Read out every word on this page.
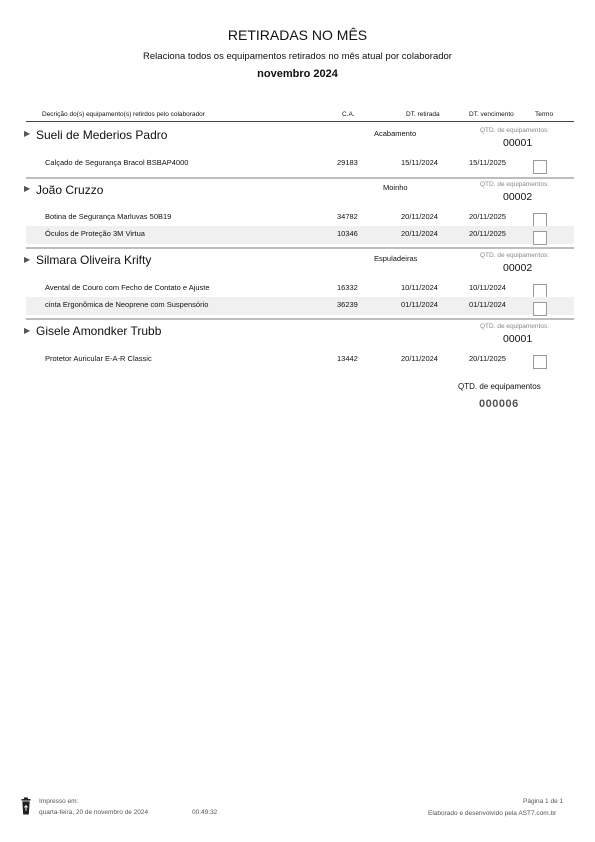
RETIRADAS NO MÊS
Relaciona todos os equipamentos retirados no mês atual por colaborador
novembro 2024
Decrição do(s) equipamento(s) retirdos pelo colaborador	C.A.	DT. retirada	DT. vencimento	Termo
▶ Sueli de Mederios Padro	Acabamento	QTD. de equipamentos:
00001
Calçado de Segurança Bracol BSBAP4000	29183	15/11/2024	15/11/2025
▶ João Cruzzo	Moinho	QTD. de equipamentos:
00002
Botina de Segurança Marluvas 50B19	34782	20/11/2024	20/11/2025
Óculos de Proteção 3M Virtua	10346	20/11/2024	20/11/2025
▶ Silmara Oliveira Krifty	Espuladeiras	QTD. de equipamentos:
00002
Avental de Couro com Fecho de Contato e Ajuste	16332	10/11/2024	10/11/2024
cinta Ergonômica de Neoprene com Suspensório	36239	01/11/2024	01/11/2024
▶ Gisele Amondker Trubb	QTD. de equipamentos:
00001
Protetor Auricular E-A-R Classic	13442	20/11/2024	20/11/2025
QTD. de equipamentos
000006
Impresso em:
quarta-feira, 20 de novembro de 2024	00:49:32
Página 1 de 1
Elaborado e desenvolvido pela AST7.com.br
